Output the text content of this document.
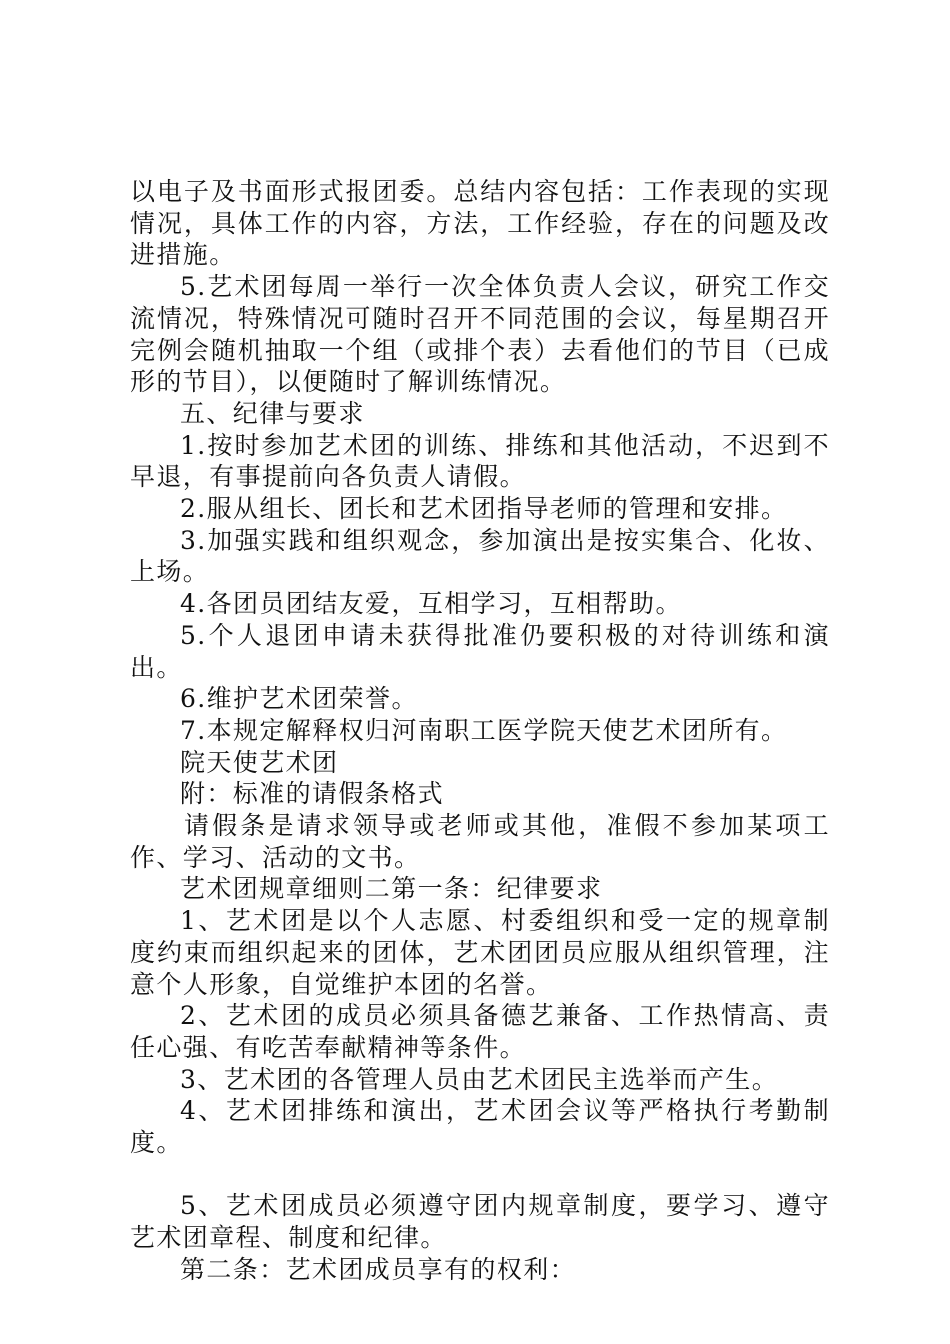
以电子及书面形式报团委。总结内容包括：工作表现的实现情况，具体工作的内容，方法，工作经验，存在的问题及改进措施。

5.艺术团每周一举行一次全体负责人会议，研究工作交流情况，特殊情况可随时召开不同范围的会议，每星期召开完例会随机抽取一个组（或排个表）去看他们的节目（已成形的节目），以便随时了解训练情况。

五、纪律与要求

1.按时参加艺术团的训练、排练和其他活动，不迟到不早退，有事提前向各负责人请假。

2.服从组长、团长和艺术团指导老师的管理和安排。

3.加强实践和组织观念，参加演出是按实集合、化妆、上场。

4.各团员团结友爱，互相学习，互相帮助。

5.个人退团申请未获得批准仍要积极的对待训练和演出。

6.维护艺术团荣誉。

7.本规定解释权归河南职工医学院天使艺术团所有。

院天使艺术团

附：标准的请假条格式

请假条是请求领导或老师或其他，准假不参加某项工作、学习、活动的文书。

艺术团规章细则二第一条：纪律要求

1、艺术团是以个人志愿、村委组织和受一定的规章制度约束而组织起来的团体，艺术团团员应服从组织管理，注意个人形象，自觉维护本团的名誉。

2、艺术团的成员必须具备德艺兼备、工作热情高、责任心强、有吃苦奉献精神等条件。

3、艺术团的各管理人员由艺术团民主选举而产生。

4、艺术团排练和演出，艺术团会议等严格执行考勤制度。

5、艺术团成员必须遵守团内规章制度，要学习、遵守艺术团章程、制度和纪律。

第二条：艺术团成员享有的权利：
